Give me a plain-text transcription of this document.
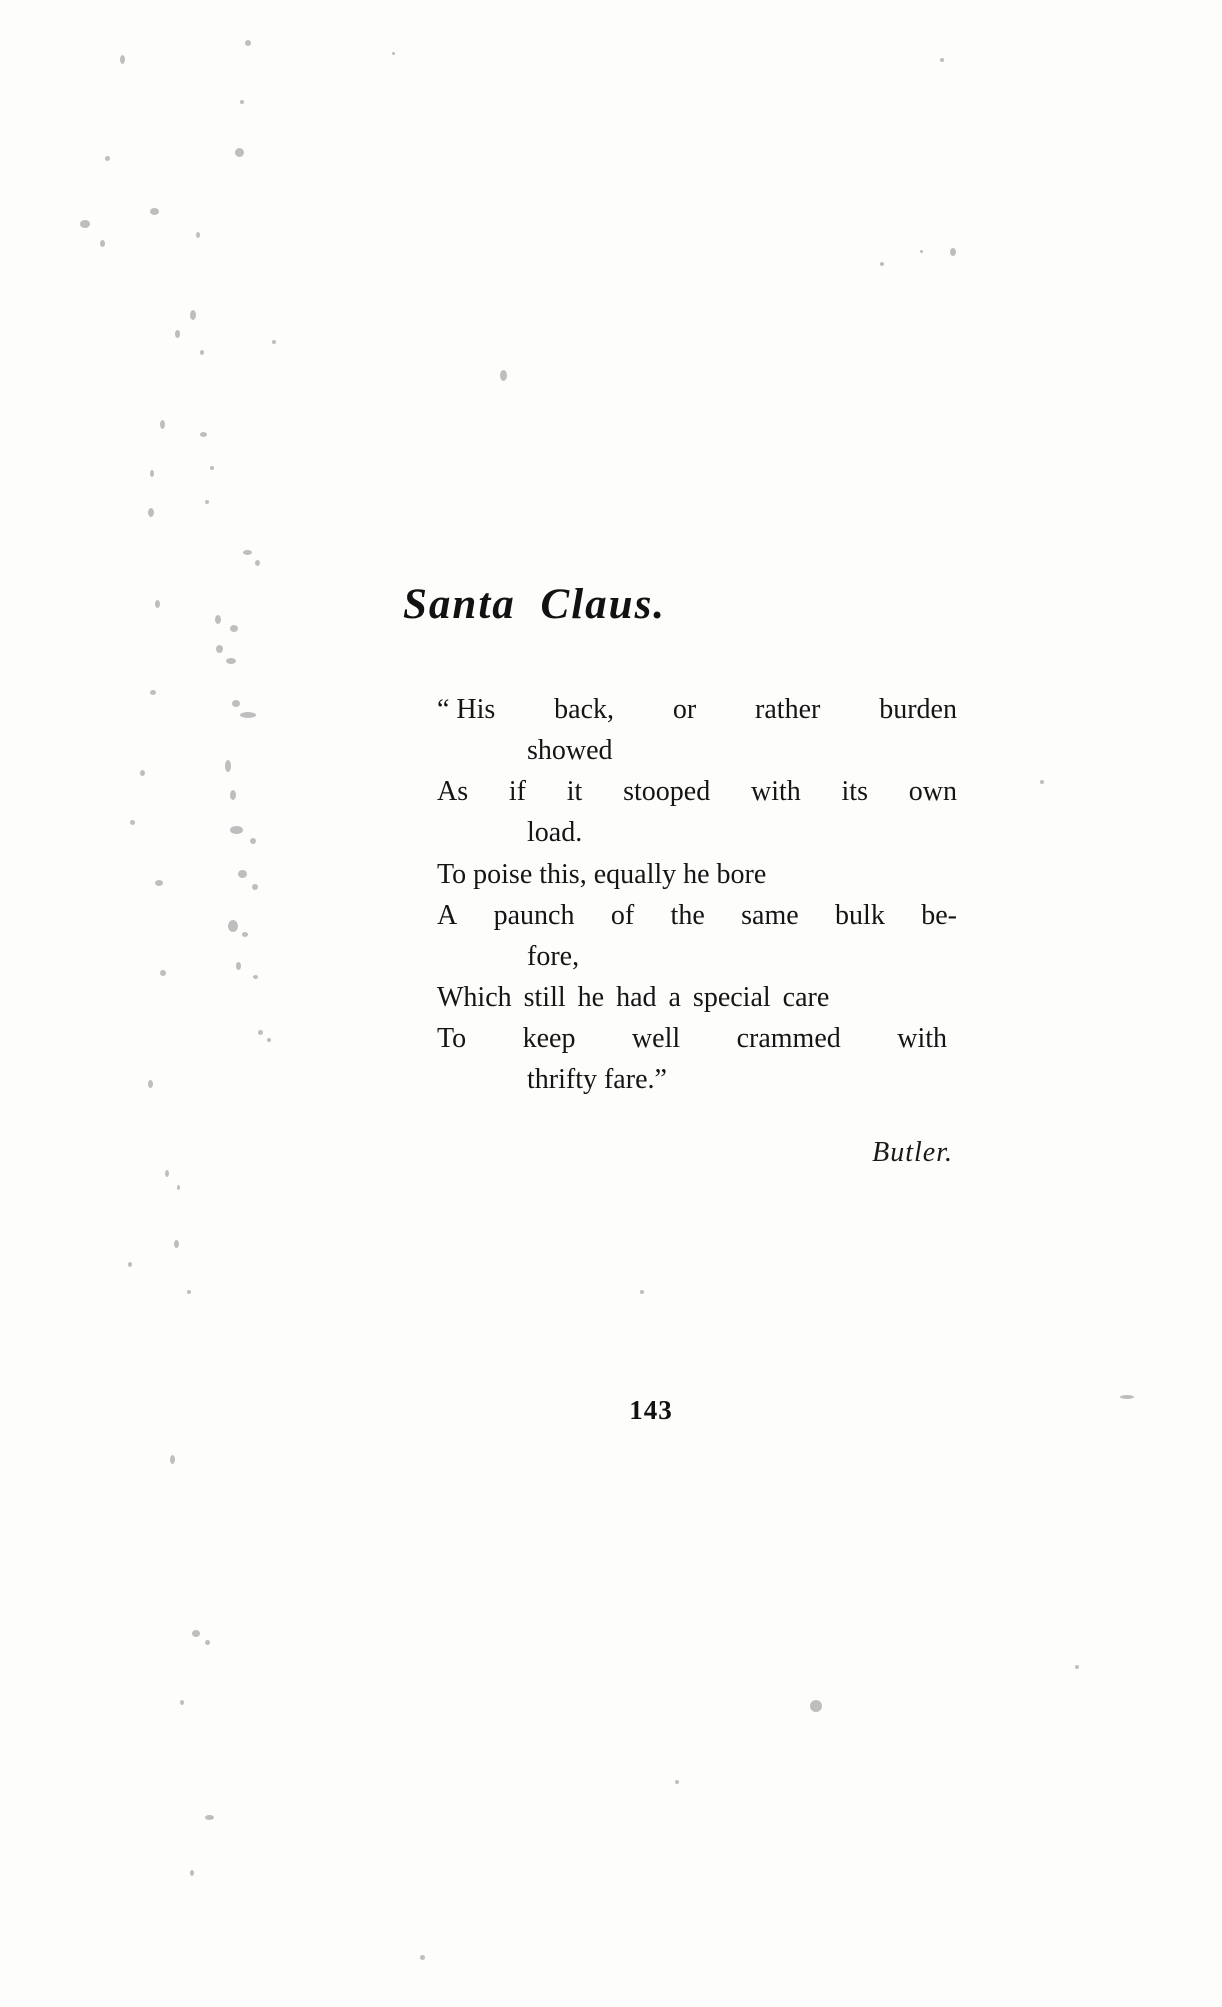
Santa Claus.
“ His back, or rather burden
showed
As if it stooped with its own
load.
To poise this, equally he bore
A paunch of the same bulk be-
fore,
Which still he had a special care
To keep well crammed with
thrifty fare.”
Butler.
143
